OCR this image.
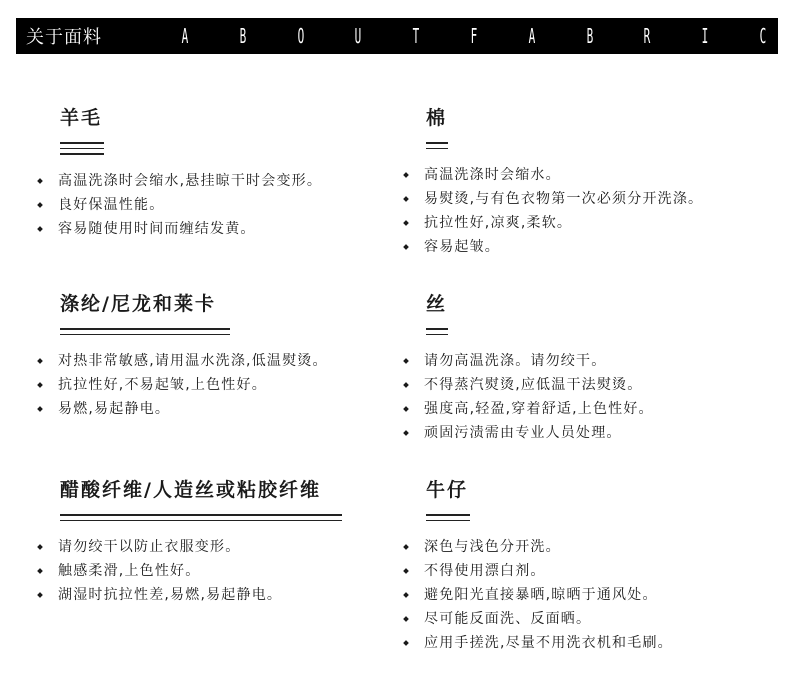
关于面料	A	B	O	U	T	F	A	B	R	I	C
羊毛
高温洗涤时会缩水,悬挂晾干时会变形。
良好保温性能。
容易随使用时间而缠结发黄。
棉
高温洗涤时会缩水。
易熨烫,与有色衣物第一次必须分开洗涤。
抗拉性好,凉爽,柔软。
容易起皱。
涤纶/尼龙和莱卡
对热非常敏感,请用温水洗涤,低温熨烫。
抗拉性好,不易起皱,上色性好。
易燃,易起静电。
丝
请勿高温洗涤。请勿绞干。
不得蒸汽熨烫,应低温干法熨烫。
强度高,轻盈,穿着舒适,上色性好。
顽固污渍需由专业人员处理。
醋酸纤维/人造丝或粘胶纤维
请勿绞干以防止衣服变形。
触感柔滑,上色性好。
湖湿时抗拉性差,易燃,易起静电。
牛仔
深色与浅色分开洗。
不得使用漂白剂。
避免阳光直接暴晒,晾晒于通风处。
尽可能反面洗、反面晒。
应用手搓洗,尽量不用洗衣机和毛刷。
